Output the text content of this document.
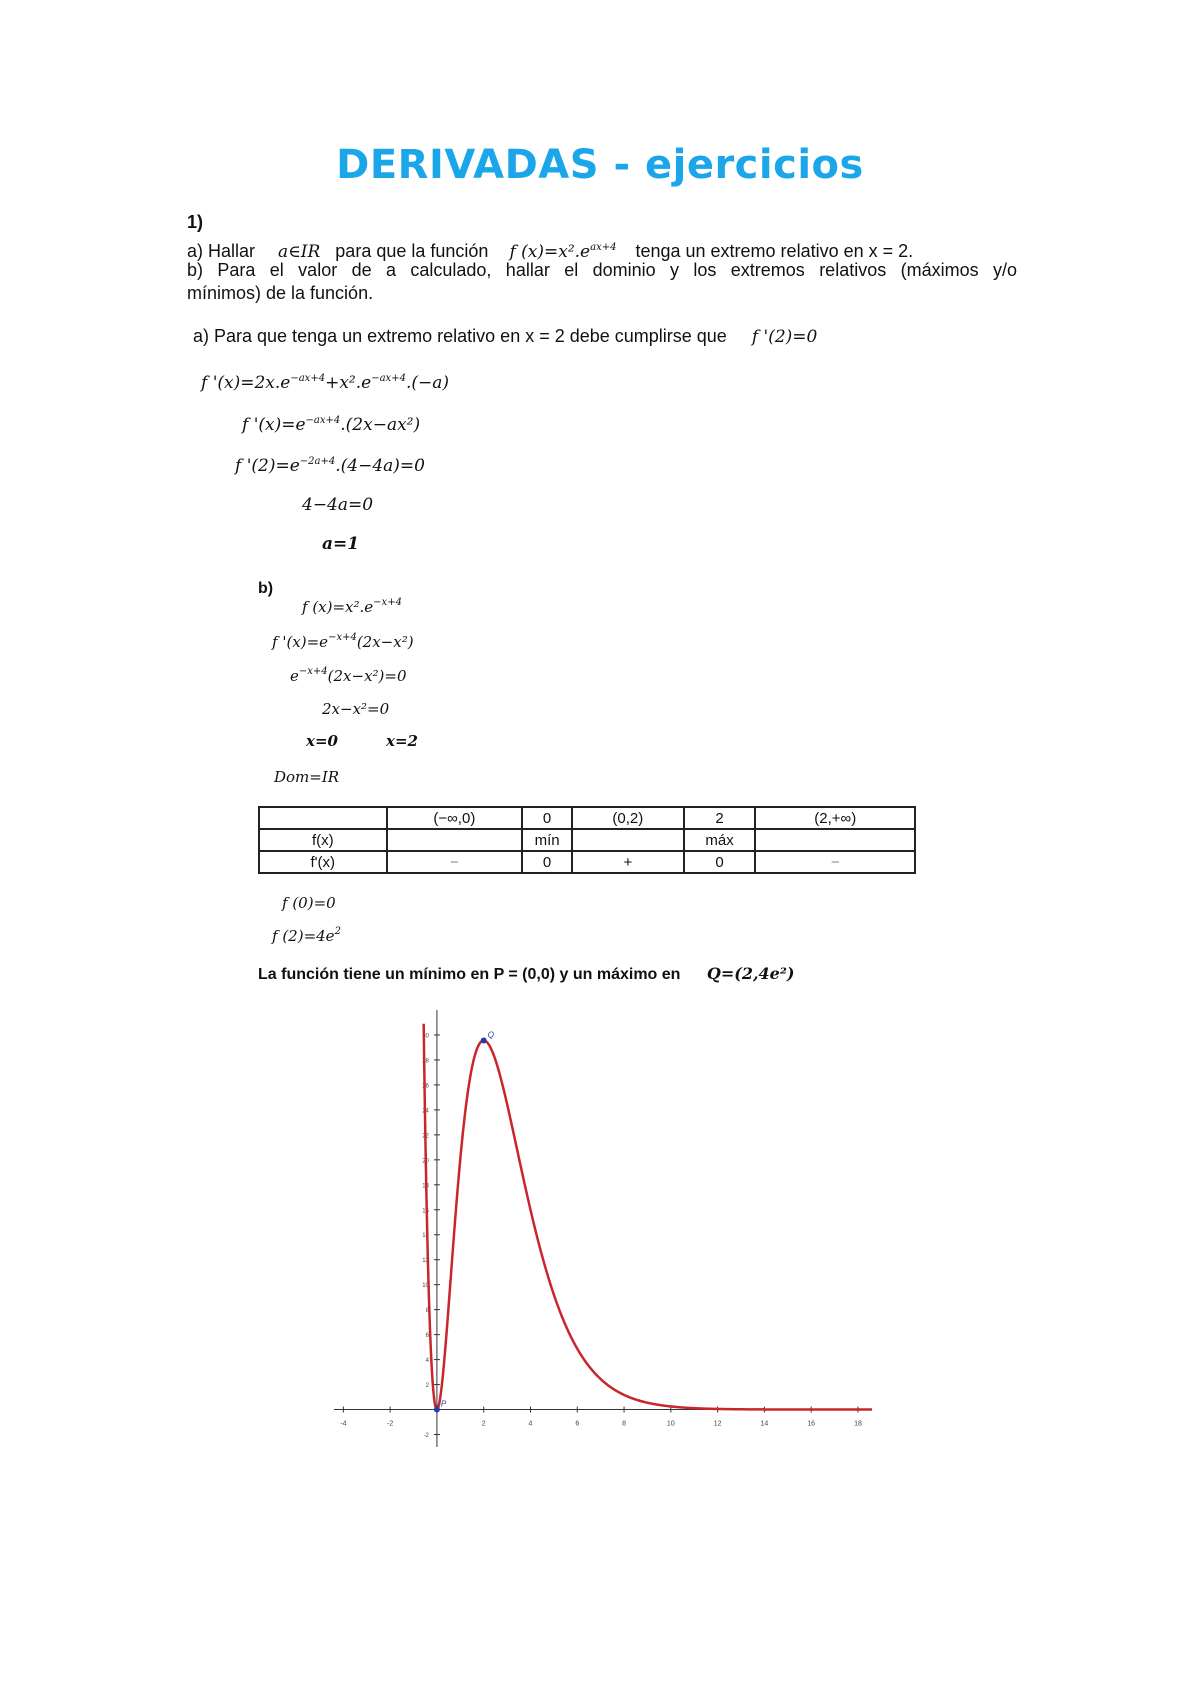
DERIVADAS - ejercicios
1)
a) Hallar a∈IR para que la función f $(x)=x^2.e^{ax+4}$ tenga un extremo relativo en x = 2.
b) Para el valor de a calculado, hallar el dominio y los extremos relativos (máximos y/o
mínimos) de la función.
a) Para que tenga un extremo relativo en x = 2 debe cumplirse que f '(2)=0
f '$(x)=2x.e^{-ax+4}+x^2.e^{-ax+4}.(-a)$
f '$(x)=e^{-ax+4}.(2x-ax^2)$
f '$(2)=e^{-2a+4}.(4-4a)=0$
4−4a=0
a=1
b)
f $(x)=x^2.e^{-x+4}$
f '$(x)=e^{-x+4}(2x-x^2)$
$e^{-x+4}(2x-x^2)=0$
2x−x²=0
x=0	x=2
Dom=IR
	(−∞,0)	0	(0,2)	2	(2,+∞)
f(x)		mín		máx	
f'(x)	−	0	+	0	−
f (0)=0
f $(2)=4e^2$
La función tiene un mínimo en P = (0,0) y un máximo en Q=(2,4e²)
-4	-2	2	4	6	8	10	12	14	16	18
-2
2
4
6
8
10
12
14
16
18
20
22
24
26
28
30
P
Q
